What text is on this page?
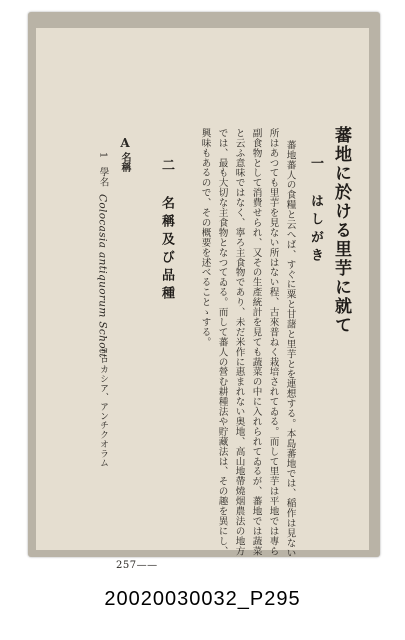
蕃地に於ける里芋に就て
一 はしがき
蕃地蕃人の食糧と云へば、すぐに粟と甘藷と里芋とを連想する。本島蕃地では、稲作は見ない
所はあつても里芋を見ない所はない程、古來普ねく栽培されてゐる。而して里芋は平地では專ら
副食物として消費せられ、又その生產統計を見ても蔬菜の中に入れられてゐるが、蕃地では蔬菜
と云ふ意味ではなく、寧ろ主食物であり、未だ米作に惠まれない奥地、高山地帶燒烟農法の地方
では、最も大切な主食物となつてゐる。而して蕃人の營む耕種法や貯藏法は、その趣を異にし、
興味もあるので、その概要を述べることゝする。
二 名稱及び品種
A
名稱
1
學名
Colocasia antiquorum Schott
コロカシア、アンチクオラム
257——
20020030032_P295
